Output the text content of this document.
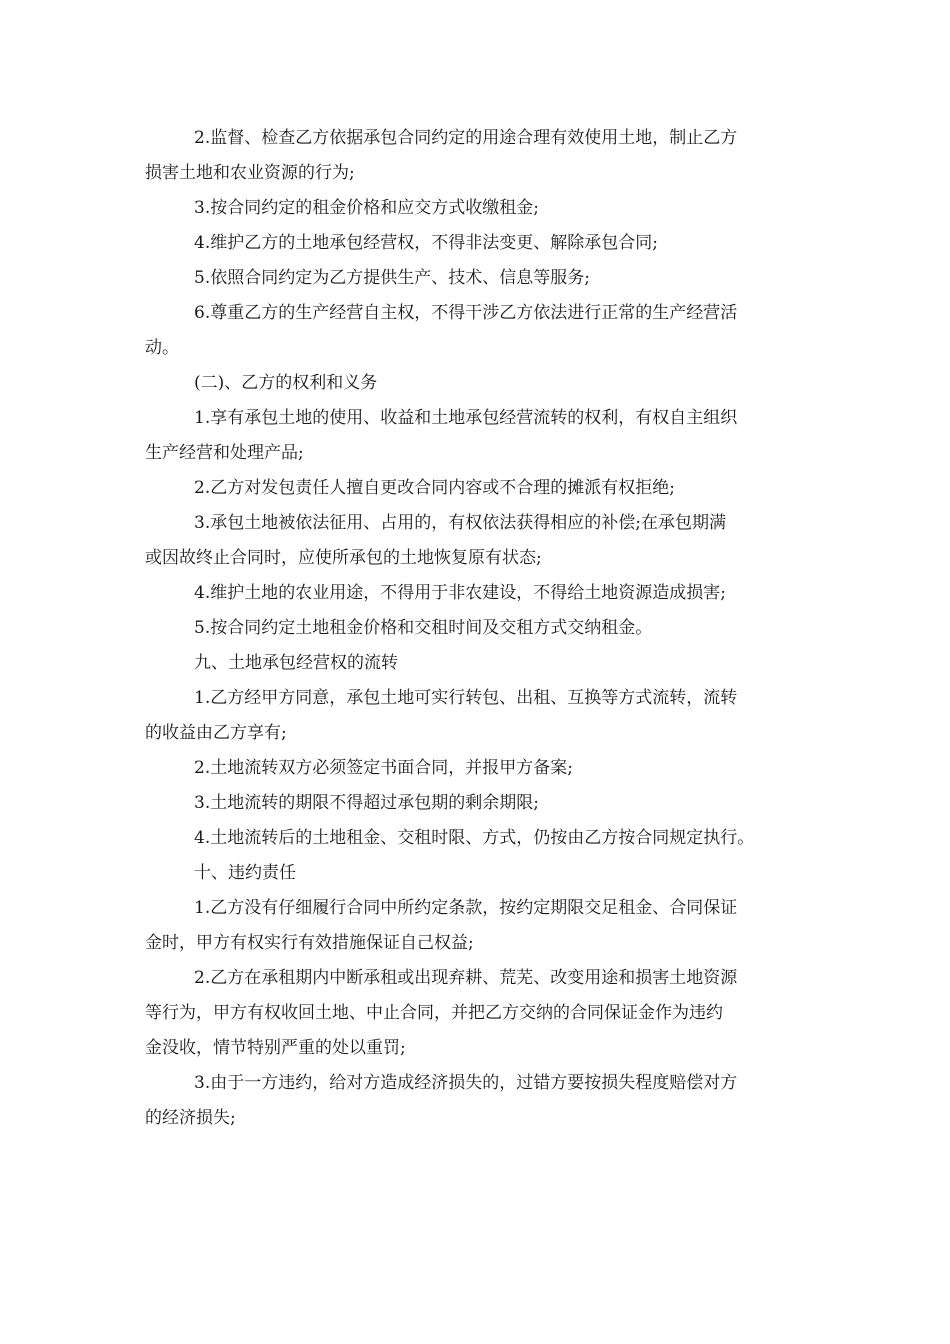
2.监督、检查乙方依据承包合同约定的用途合理有效使用土地，制止乙方
损害土地和农业资源的行为;
3.按合同约定的租金价格和应交方式收缴租金;
4.维护乙方的土地承包经营权，不得非法变更、解除承包合同;
5.依照合同约定为乙方提供生产、技术、信息等服务;
6.尊重乙方的生产经营自主权，不得干涉乙方依法进行正常的生产经营活
动。
(二)、乙方的权利和义务
1.享有承包土地的使用、收益和土地承包经营流转的权利，有权自主组织
生产经营和处理产品;
2.乙方对发包责任人擅自更改合同内容或不合理的摊派有权拒绝;
3.承包土地被依法征用、占用的，有权依法获得相应的补偿;在承包期满
或因故终止合同时，应使所承包的土地恢复原有状态;
4.维护土地的农业用途，不得用于非农建设，不得给土地资源造成损害;
5.按合同约定土地租金价格和交租时间及交租方式交纳租金。
九、土地承包经营权的流转
1.乙方经甲方同意，承包土地可实行转包、出租、互换等方式流转，流转
的收益由乙方享有;
2.土地流转双方必须签定书面合同，并报甲方备案;
3.土地流转的期限不得超过承包期的剩余期限;
4.土地流转后的土地租金、交租时限、方式，仍按由乙方按合同规定执行。
十、违约责任
1.乙方没有仔细履行合同中所约定条款，按约定期限交足租金、合同保证
金时，甲方有权实行有效措施保证自己权益;
2.乙方在承租期内中断承租或出现弃耕、荒芜、改变用途和损害土地资源
等行为，甲方有权收回土地、中止合同，并把乙方交纳的合同保证金作为违约
金没收，情节特别严重的处以重罚;
3.由于一方违约，给对方造成经济损失的，过错方要按损失程度赔偿对方
的经济损失;
